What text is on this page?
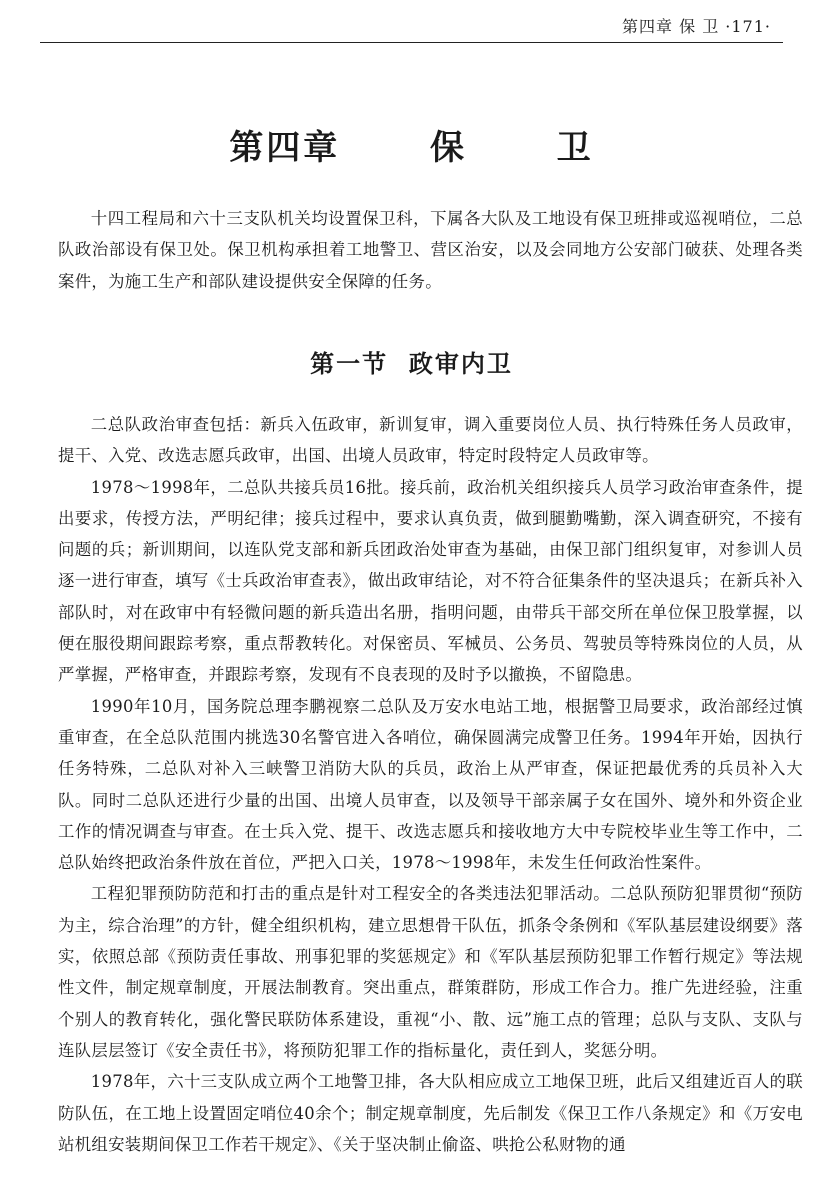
第四章 保 卫 ·171·
第四章  保  卫

十四工程局和六十三支队机关均设置保卫科，下属各大队及工地设有保卫班排或巡视哨位，二总队政治部设有保卫处。保卫机构承担着工地警卫、营区治安，以及会同地方公安部门破获、处理各类案件，为施工生产和部队建设提供安全保障的任务。

第一节  政审内卫

二总队政治审查包括：新兵入伍政审，新训复审，调入重要岗位人员、执行特殊任务人员政审，提干、入党、改选志愿兵政审，出国、出境人员政审，特定时段特定人员政审等。

1978～1998年，二总队共接兵员16批。接兵前，政治机关组织接兵人员学习政治审查条件，提出要求，传授方法，严明纪律；接兵过程中，要求认真负责，做到腿勤嘴勤，深入调查研究，不接有问题的兵；新训期间，以连队党支部和新兵团政治处审查为基础，由保卫部门组织复审，对参训人员逐一进行审查，填写《士兵政治审查表》，做出政审结论，对不符合征集条件的坚决退兵；在新兵补入部队时，对在政审中有轻微问题的新兵造出名册，指明问题，由带兵干部交所在单位保卫股掌握，以便在服役期间跟踪考察，重点帮教转化。对保密员、军械员、公务员、驾驶员等特殊岗位的人员，从严掌握，严格审查，并跟踪考察，发现有不良表现的及时予以撤换，不留隐患。

1990年10月，国务院总理李鹏视察二总队及万安水电站工地，根据警卫局要求，政治部经过慎重审查，在全总队范围内挑选30名警官进入各哨位，确保圆满完成警卫任务。1994年开始，因执行任务特殊，二总队对补入三峡警卫消防大队的兵员，政治上从严审查，保证把最优秀的兵员补入大队。同时二总队还进行少量的出国、出境人员审查，以及领导干部亲属子女在国外、境外和外资企业工作的情况调查与审查。在士兵入党、提干、改选志愿兵和接收地方大中专院校毕业生等工作中，二总队始终把政治条件放在首位，严把入口关，1978～1998年，未发生任何政治性案件。

工程犯罪预防防范和打击的重点是针对工程安全的各类违法犯罪活动。二总队预防犯罪贯彻“预防为主，综合治理”的方针，健全组织机构，建立思想骨干队伍，抓条令条例和《军队基层建设纲要》落实，依照总部《预防责任事故、刑事犯罪的奖惩规定》和《军队基层预防犯罪工作暂行规定》等法规性文件，制定规章制度，开展法制教育。突出重点，群策群防，形成工作合力。推广先进经验，注重个别人的教育转化，强化警民联防体系建设，重视“小、散、远”施工点的管理；总队与支队、支队与连队层层签订《安全责任书》，将预防犯罪工作的指标量化，责任到人，奖惩分明。

1978年，六十三支队成立两个工地警卫排，各大队相应成立工地保卫班，此后又组建近百人的联防队伍，在工地上设置固定哨位40余个；制定规章制度，先后制发《保卫工作八条规定》和《万安电站机组安装期间保卫工作若干规定》、《关于坚决制止偷盗、哄抢公私财物的通
